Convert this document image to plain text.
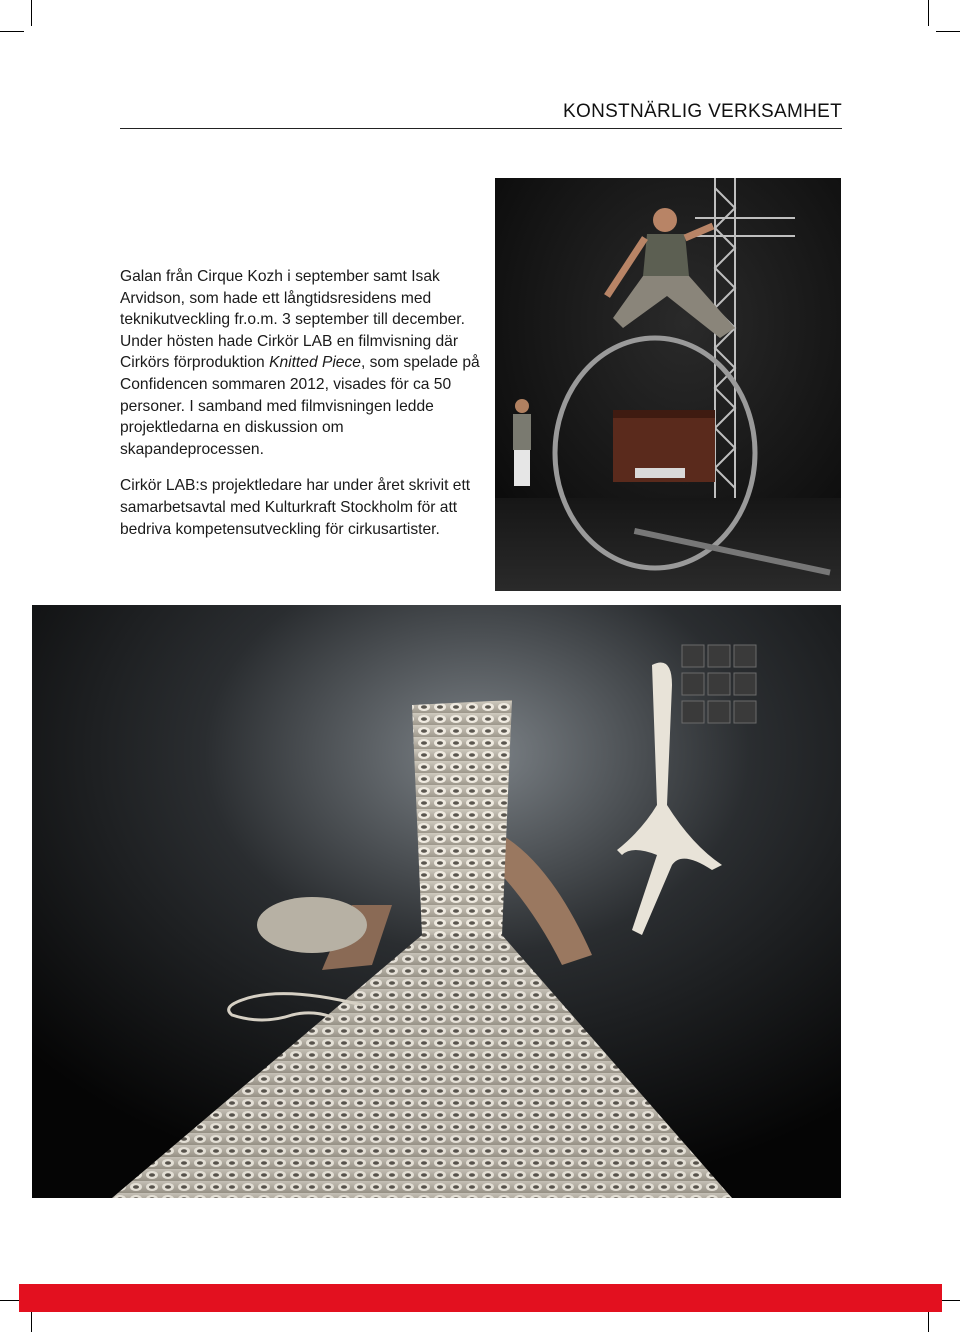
KONSTNÄRLIG VERKSAMHET

Galan från Cirque Kozh i september samt Isak Arvidson, som hade ett långtidsresidens med teknikutveckling fr.o.m. 3 september till december. Under hösten hade Cirkör LAB en filmvisning där Cirkörs förproduktion Knitted Piece, som spelade på Confidencen sommaren 2012, visades för ca 50 personer. I samband med filmvisningen ledde projektledarna en diskussion om skapandeprocessen.

Cirkör LAB:s projektledare har under året skrivit ett samarbetsavtal med Kulturkraft Stockholm för att bedriva kompetensutveckling för cirkusartister.
